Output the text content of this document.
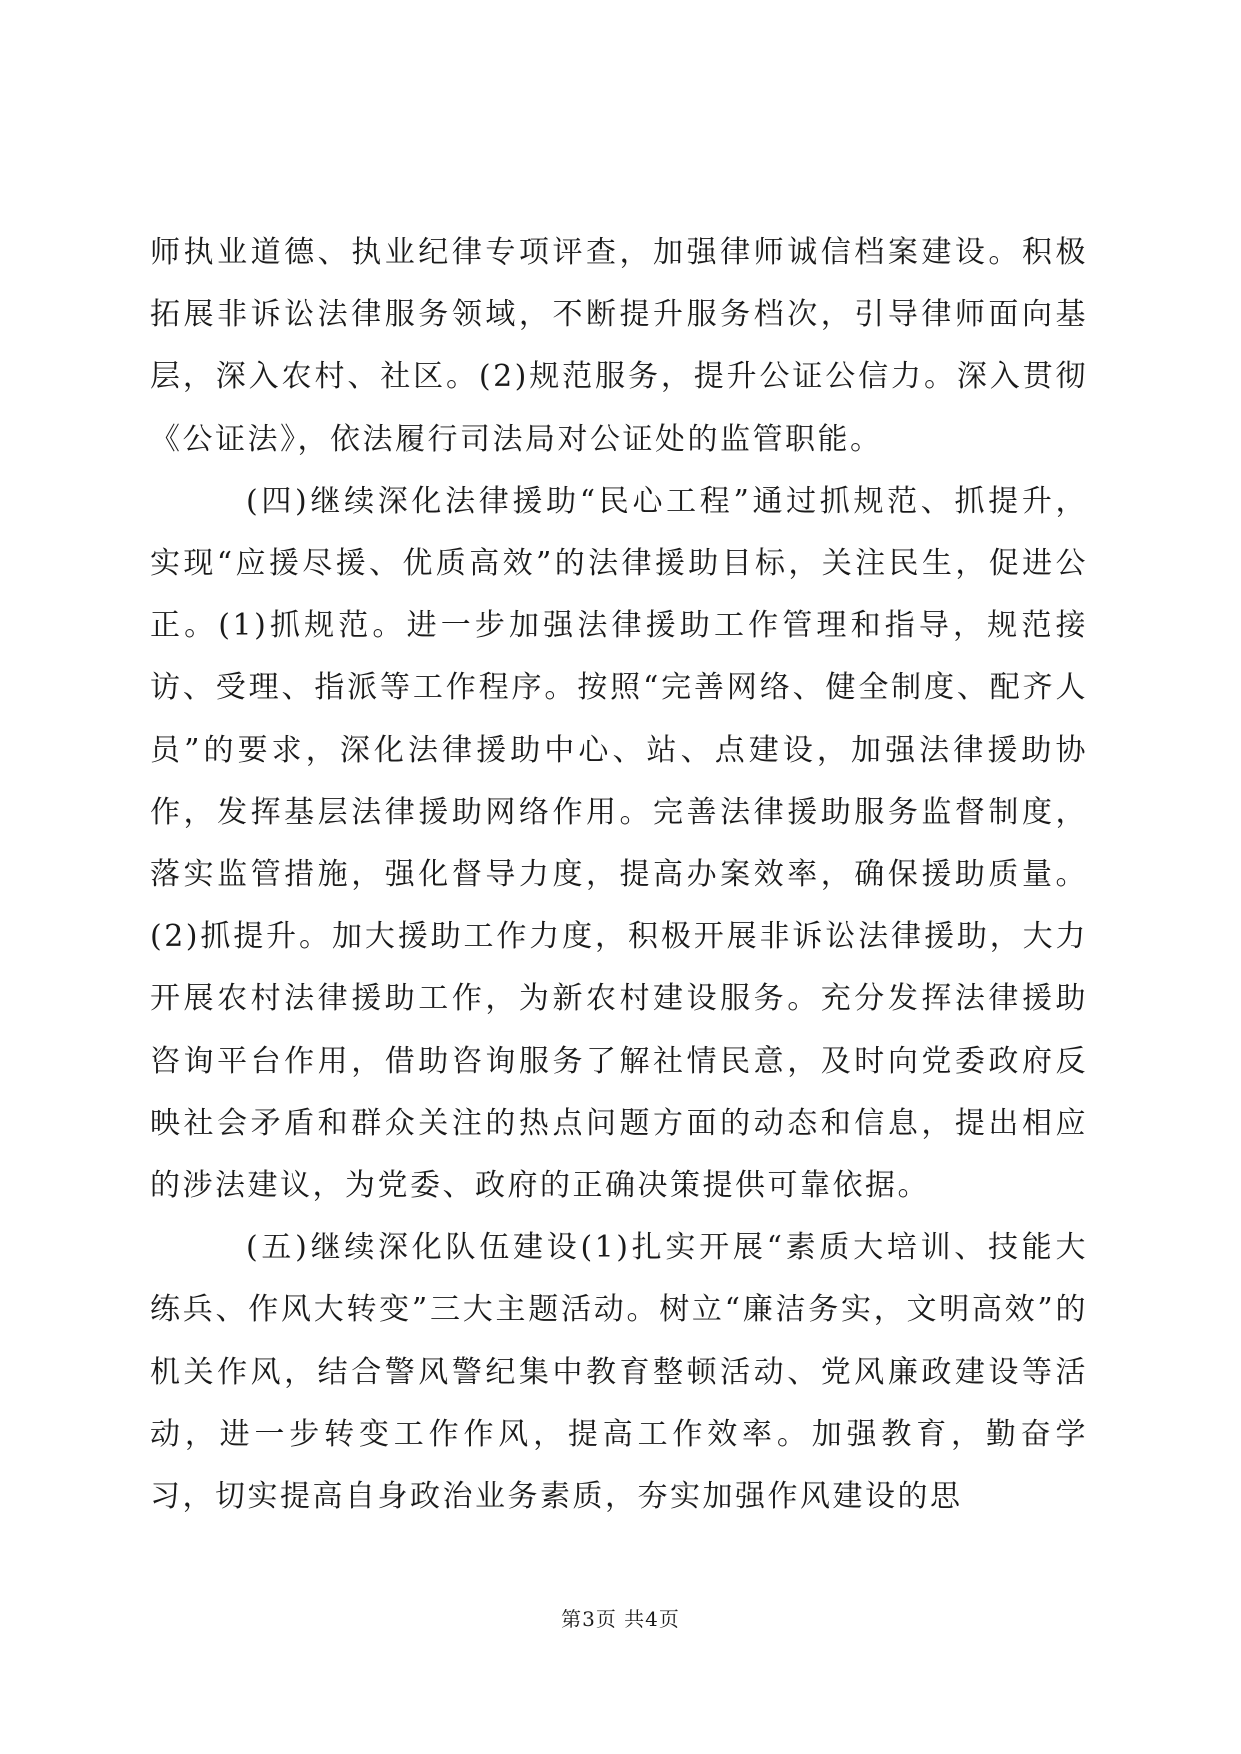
师执业道德、执业纪律专项评查，加强律师诚信档案建设。积极拓展非诉讼法律服务领域，不断提升服务档次，引导律师面向基层，深入农村、社区。(2)规范服务，提升公证公信力。深入贯彻《公证法》，依法履行司法局对公证处的监管职能。

(四)继续深化法律援助“民心工程”通过抓规范、抓提升，实现“应援尽援、优质高效”的法律援助目标，关注民生，促进公正。(1)抓规范。进一步加强法律援助工作管理和指导，规范接访、受理、指派等工作程序。按照“完善网络、健全制度、配齐人员”的要求，深化法律援助中心、站、点建设，加强法律援助协作，发挥基层法律援助网络作用。完善法律援助服务监督制度，落实监管措施，强化督导力度，提高办案效率，确保援助质量。(2)抓提升。加大援助工作力度，积极开展非诉讼法律援助，大力开展农村法律援助工作，为新农村建设服务。充分发挥法律援助咨询平台作用，借助咨询服务了解社情民意，及时向党委政府反映社会矛盾和群众关注的热点问题方面的动态和信息，提出相应的涉法建议，为党委、政府的正确决策提供可靠依据。

(五)继续深化队伍建设(1)扎实开展“素质大培训、技能大练兵、作风大转变”三大主题活动。树立“廉洁务实，文明高效”的机关作风，结合警风警纪集中教育整顿活动、党风廉政建设等活动，进一步转变工作作风，提高工作效率。加强教育，勤奋学习，切实提高自身政治业务素质，夯实加强作风建设的思

第3页 共4页
